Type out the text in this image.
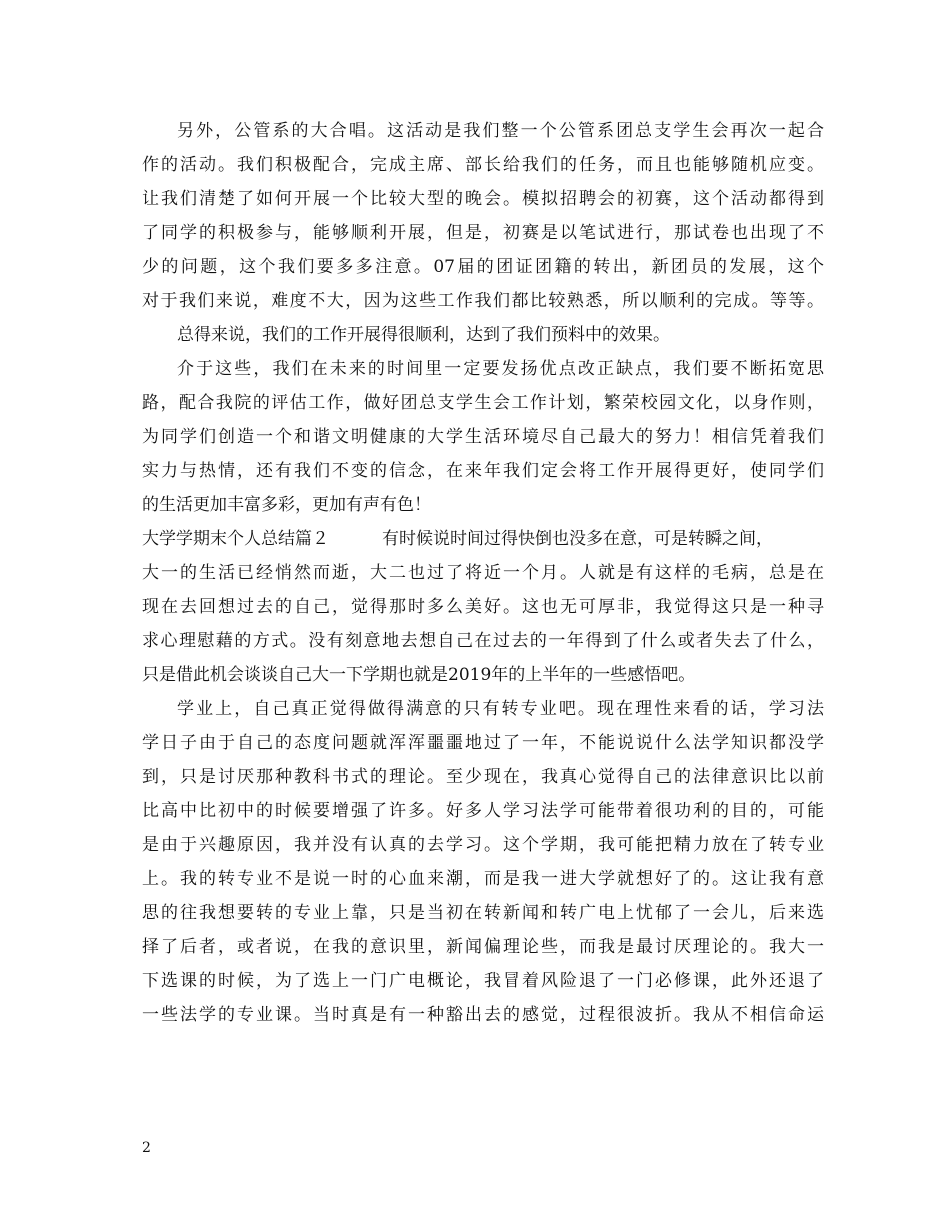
另外，公管系的大合唱。这活动是我们整一个公管系团总支学生会再次一起合
作的活动。我们积极配合，完成主席、部长给我们的任务，而且也能够随机应变。
让我们清楚了如何开展一个比较大型的晚会。模拟招聘会的初赛，这个活动都得到
了同学的积极参与，能够顺利开展，但是，初赛是以笔试进行，那试卷也出现了不
少的问题，这个我们要多多注意。07届的团证团籍的转出，新团员的发展，这个
对于我们来说，难度不大，因为这些工作我们都比较熟悉，所以顺利的完成。等等。
总得来说，我们的工作开展得很顺利，达到了我们预料中的效果。
介于这些，我们在未来的时间里一定要发扬优点改正缺点，我们要不断拓宽思
路，配合我院的评估工作，做好团总支学生会工作计划，繁荣校园文化，以身作则，
为同学们创造一个和谐文明健康的大学生活环境尽自己最大的努力！相信凭着我们
实力与热情，还有我们不变的信念，在来年我们定会将工作开展得更好，使同学们
的生活更加丰富多彩，更加有声有色！
大学学期末个人总结篇２	有时候说时间过得快倒也没多在意，可是转瞬之间，
大一的生活已经悄然而逝，大二也过了将近一个月。人就是有这样的毛病，总是在
现在去回想过去的自己，觉得那时多么美好。这也无可厚非，我觉得这只是一种寻
求心理慰藉的方式。没有刻意地去想自己在过去的一年得到了什么或者失去了什么，
只是借此机会谈谈自己大一下学期也就是2019年的上半年的一些感悟吧。
学业上，自己真正觉得做得满意的只有转专业吧。现在理性来看的话，学习法
学日子由于自己的态度问题就浑浑噩噩地过了一年，不能说说什么法学知识都没学
到，只是讨厌那种教科书式的理论。至少现在，我真心觉得自己的法律意识比以前
比高中比初中的时候要增强了许多。好多人学习法学可能带着很功利的目的，可能
是由于兴趣原因，我并没有认真的去学习。这个学期，我可能把精力放在了转专业
上。我的转专业不是说一时的心血来潮，而是我一进大学就想好了的。这让我有意
思的往我想要转的专业上靠，只是当初在转新闻和转广电上忧郁了一会儿，后来选
择了后者，或者说，在我的意识里，新闻偏理论些，而我是最讨厌理论的。我大一
下选课的时候，为了选上一门广电概论，我冒着风险退了一门必修课，此外还退了
一些法学的专业课。当时真是有一种豁出去的感觉，过程很波折。我从不相信命运
2
